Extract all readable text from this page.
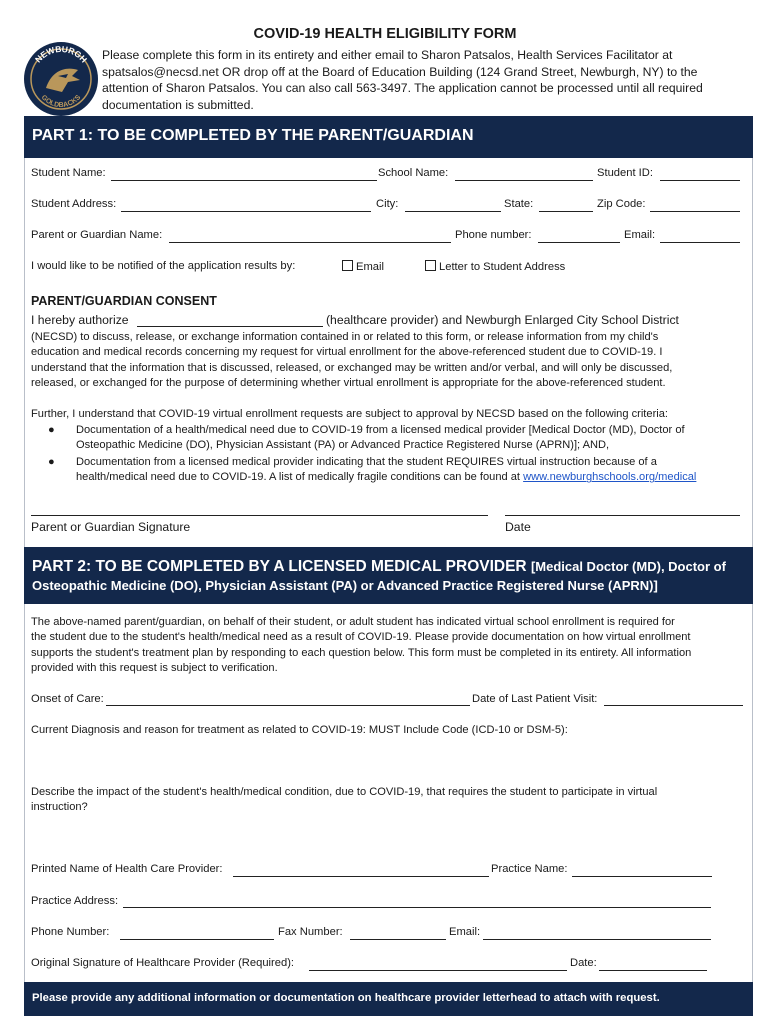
COVID-19 HEALTH ELIGIBILITY FORM
NEWBURGH
GOLDBACKS
Please complete this form in its entirety and either email to Sharon Patsalos, Health Services Facilitator at
spatsalos@necsd.net OR drop off at the Board of Education Building (124 Grand Street, Newburgh, NY) to the
attention of Sharon Patsalos. You can also call 563-3497. The application cannot be processed until all required
documentation is submitted.
PART 1: TO BE COMPLETED BY THE PARENT/GUARDIAN
Student Name:	School Name:	Student ID:
Student Address:	City:	State:	Zip Code:
Parent or Guardian Name:	Phone number:	Email:
I would like to be notified of the application results by:	Email	Letter to Student Address
PARENT/GUARDIAN CONSENT
I hereby authorize	(healthcare provider) and Newburgh Enlarged City School District
(NECSD) to discuss, release, or exchange information contained in or related to this form, or release information from my child's
education and medical records concerning my request for virtual enrollment for the above-referenced student due to COVID-19. I
understand that the information that is discussed, released, or exchanged may be written and/or verbal, and will only be discussed,
released, or exchanged for the purpose of determining whether virtual enrollment is appropriate for the above-referenced student.
Further, I understand that COVID-19 virtual enrollment requests are subject to approval by NECSD based on the following criteria:
● Documentation of a health/medical need due to COVID-19 from a licensed medical provider [Medical Doctor (MD), Doctor of
Osteopathic Medicine (DO), Physician Assistant (PA) or Advanced Practice Registered Nurse (APRN)]; AND,
● Documentation from a licensed medical provider indicating that the student REQUIRES virtual instruction because of a
health/medical need due to COVID-19. A list of medically fragile conditions can be found at www.newburghschools.org/medical
Parent or Guardian Signature	Date
PART 2: TO BE COMPLETED BY A LICENSED MEDICAL PROVIDER [Medical Doctor (MD), Doctor of
Osteopathic Medicine (DO), Physician Assistant (PA) or Advanced Practice Registered Nurse (APRN)]
The above-named parent/guardian, on behalf of their student, or adult student has indicated virtual school enrollment is required for
the student due to the student's health/medical need as a result of COVID-19. Please provide documentation on how virtual enrollment
supports the student's treatment plan by responding to each question below. This form must be completed in its entirety. All information
provided with this request is subject to verification.
Onset of Care:	Date of Last Patient Visit:
Current Diagnosis and reason for treatment as related to COVID-19: MUST Include Code (ICD-10 or DSM-5):
Describe the impact of the student's health/medical condition, due to COVID-19, that requires the student to participate in virtual
instruction?
Printed Name of Health Care Provider:	Practice Name:
Practice Address:
Phone Number:	Fax Number:	Email:
Original Signature of Healthcare Provider (Required):	Date:
Please provide any additional information or documentation on healthcare provider letterhead to attach with request.
